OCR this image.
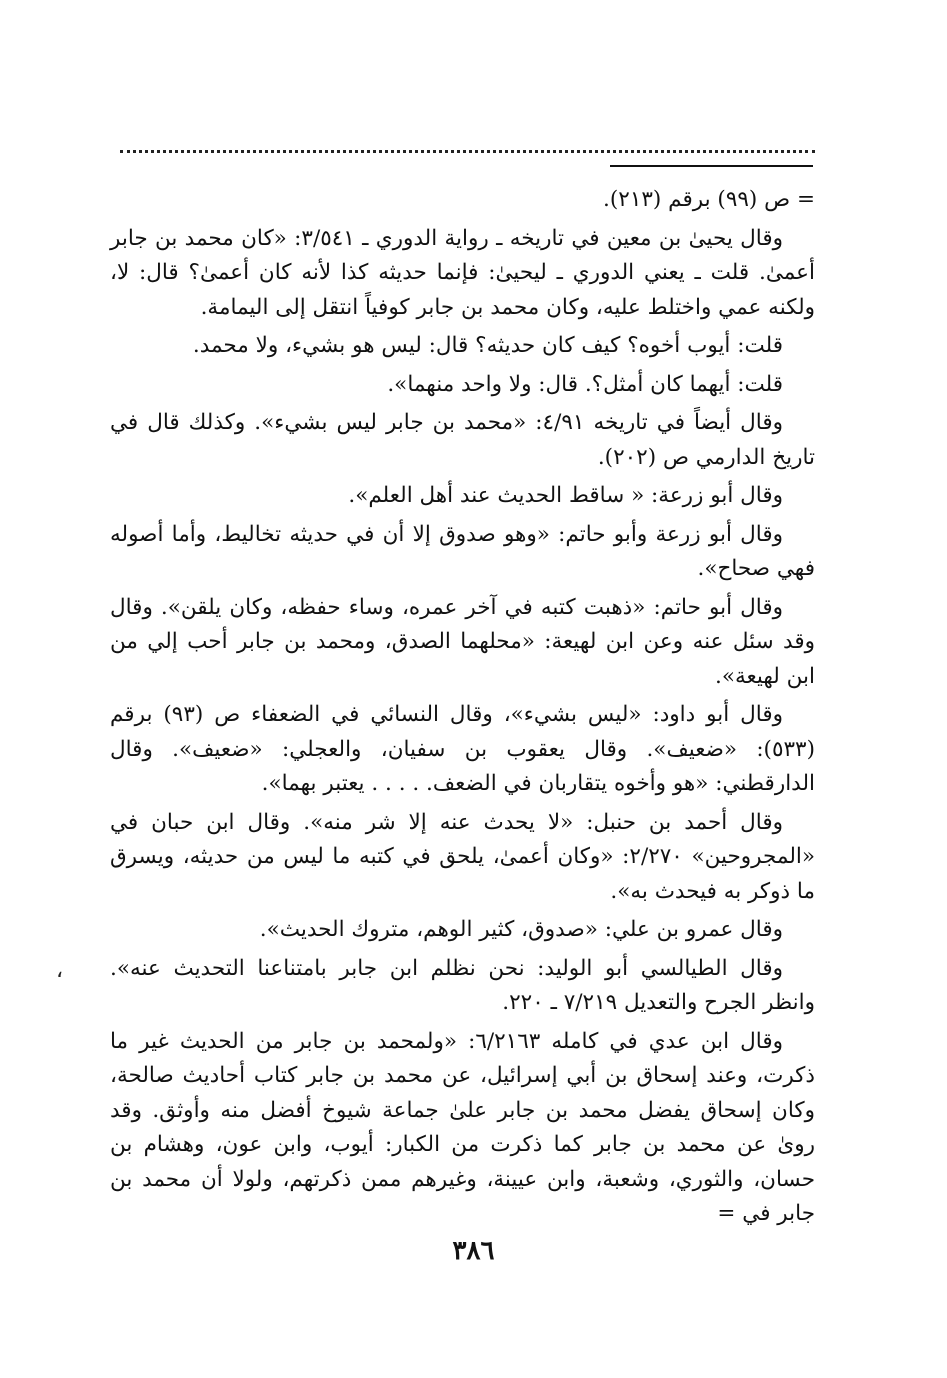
= ص (٩٩) برقم (٢١٣).

وقال يحيىٰ بن معين في تاريخه ـ رواية الدوري ـ ٣/٥٤١: «كان محمد بن جابر أعمىٰ. قلت ـ يعني الدوري ـ ليحيىٰ: فإنما حديثه كذا لأنه كان أعمىٰ؟ قال: لا، ولكنه عمي واختلط عليه، وكان محمد بن جابر كوفياً انتقل إلى اليمامة.

قلت: أيوب أخوه؟ كيف كان حديثه؟ قال: ليس هو بشيء، ولا محمد.

قلت: أيهما كان أمثل؟. قال: ولا واحد منهما».

وقال أيضاً في تاريخه ٤/٩١: «محمد بن جابر ليس بشيء». وكذلك قال في تاريخ الدارمي ص (٢٠٢).

وقال أبو زرعة: « ساقط الحديث عند أهل العلم».

وقال أبو زرعة وأبو حاتم: «وهو صدوق إلا أن في حديثه تخاليط، وأما أصوله فهي صحاح».

وقال أبو حاتم: «ذهبت كتبه في آخر عمره، وساء حفظه، وكان يلقن». وقال وقد سئل عنه وعن ابن لهيعة: «محلهما الصدق، ومحمد بن جابر أحب إلي من ابن لهيعة».

وقال أبو داود: «ليس بشيء»، وقال النسائي في الضعفاء ص (٩٣) برقم (٥٣٣): «ضعيف». وقال يعقوب بن سفيان، والعجلي: «ضعيف». وقال الدارقطني: «هو وأخوه يتقاربان في الضعف. . . . . يعتبر بهما».

وقال أحمد بن حنبل: «لا يحدث عنه إلا شر منه». وقال ابن حبان في «المجروحين» ٢/٢٧٠: «وكان أعمىٰ، يلحق في كتبه ما ليس من حديثه، ويسرق ما ذوكر به فيحدث به».

وقال عمرو بن علي: «صدوق، كثير الوهم، متروك الحديث».

وقال الطيالسي أبو الوليد: نحن نظلم ابن جابر بامتناعنا التحديث عنه». وانظر الجرح والتعديل ٧/٢١٩ ـ ٢٢٠.

وقال ابن عدي في كامله ٦/٢١٦٣: «ولمحمد بن جابر من الحديث غير ما ذكرت، وعند إسحاق بن أبي إسرائيل، عن محمد بن جابر كتاب أحاديث صالحة، وكان إسحاق يفضل محمد بن جابر علىٰ جماعة شيوخ أفضل منه وأوثق. وقد روىٰ عن محمد بن جابر كما ذكرت من الكبار: أيوب، وابن عون، وهشام بن حسان، والثوري، وشعبة، وابن عيينة، وغيرهم ممن ذكرتهم، ولولا أن محمد بن جابر في =

،
٣٨٦
